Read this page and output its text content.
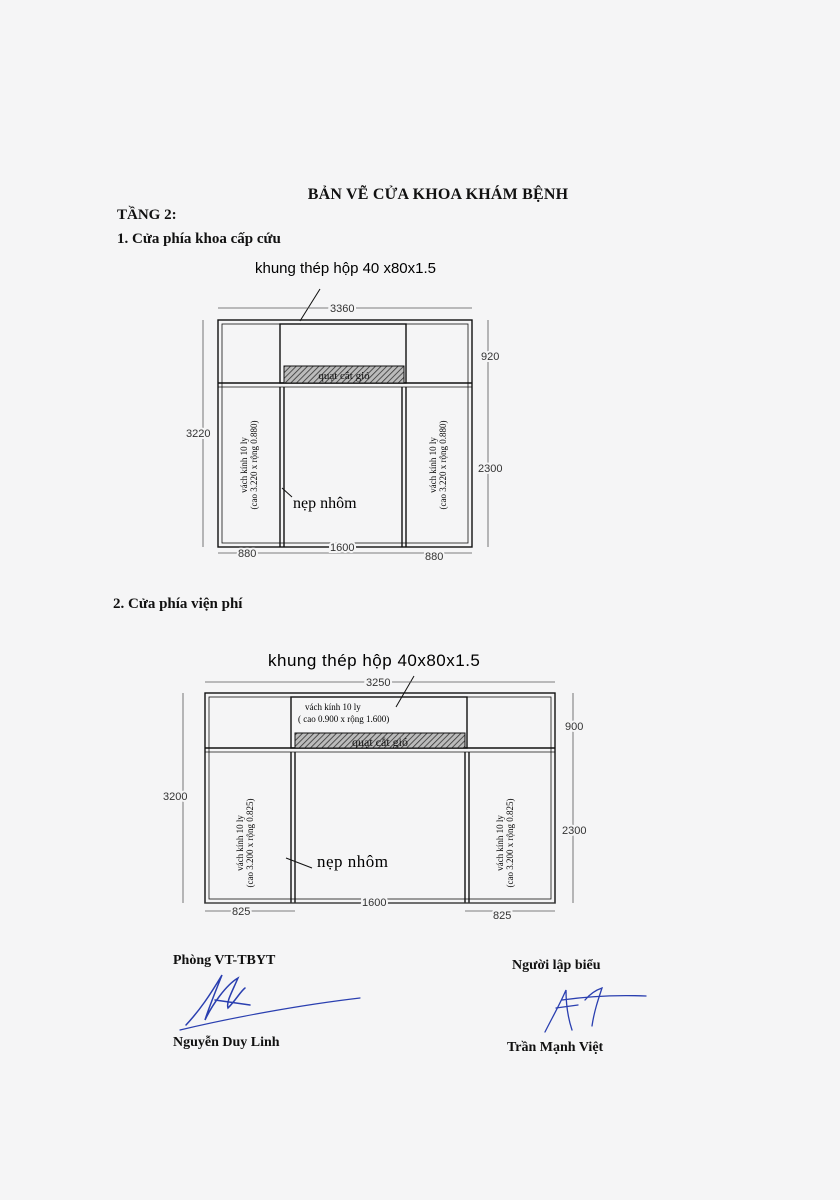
BẢN VẼ CỬA KHOA KHÁM BỆNH
TẦNG 2:
1. Cửa phía khoa cấp cứu
khung thép hộp 40 x80x1.5
3360
3220
920
2300
quạt cắt gió
vách kính 10 ly (cao 3.220 x rộng 0.880)	vách kính 10 ly (cao 3.220 x rộng 0.880)
nẹp nhôm
880	1600
880
khung thép hộp 40x80x1.5
3250
3200
900
2300
vách kính 10 ly
( cao 0.900 x rộng 1.600)
quạt cắt gió
vách kính 10 ly (cao 3.200 x rộng 0.825)	vách kính 10 ly (cao 3.200 x rộng 0.825)
nẹp nhôm
825
1600
825
2. Cửa phía viện phí
Phòng VT-TBYT
Nguyễn Duy Linh
Người lập biểu
Trần Mạnh Việt
